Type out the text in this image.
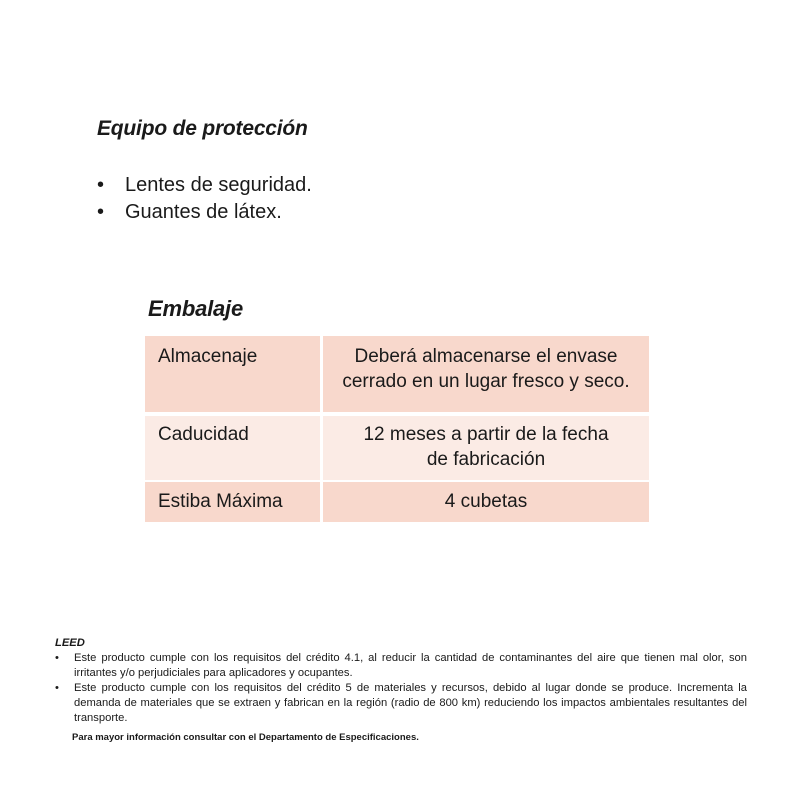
Equipo de protección
•	Lentes de seguridad.
•	Guantes de látex.
Embalaje
Almacenaje	Deberá almacenarse el envase
cerrado en un lugar fresco y seco.

Caducidad	12 meses a partir de la fecha
de fabricación

Estiba Máxima	4 cubetas

LEED

•	Este producto cumple con los requisitos del crédito 4.1, al reducir la cantidad de contaminantes del aire que tienen mal olor, son irritantes y/o perjudiciales para aplicadores y ocupantes.
•	Este producto cumple con los requisitos del crédito 5 de materiales y recursos, debido al lugar donde se produce. Incrementa la demanda de materiales que se extraen y fabrican en la región (radio de 800 km) reduciendo los impactos ambientales resultantes del transporte.
Para mayor información consultar con el Departamento de Especificaciones.
